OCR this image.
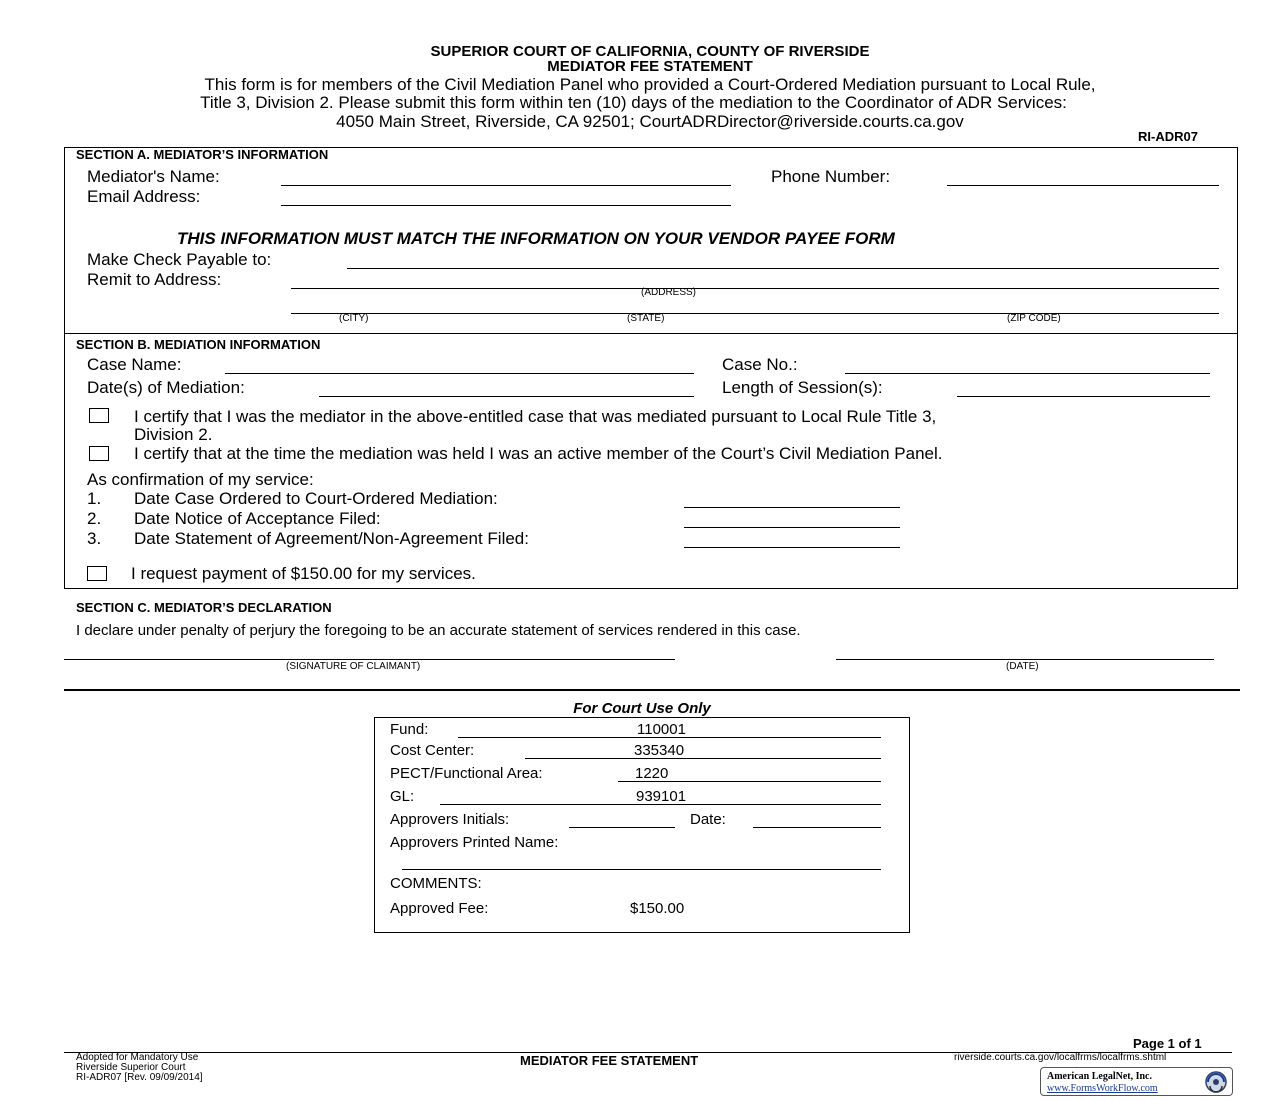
SUPERIOR COURT OF CALIFORNIA, COUNTY OF RIVERSIDE
MEDIATOR FEE STATEMENT
This form is for members of the Civil Mediation Panel who provided a Court-Ordered Mediation pursuant to Local Rule,
Title 3, Division 2. Please submit this form within ten (10) days of the mediation to the Coordinator of ADR Services:
4050 Main Street, Riverside, CA 92501; CourtADRDirector@riverside.courts.ca.gov
RI-ADR07
SECTION A. MEDIATOR’S INFORMATION
Mediator's Name:	Phone Number:
Email Address:
THIS INFORMATION MUST MATCH THE INFORMATION ON YOUR VENDOR PAYEE FORM
Make Check Payable to:
Remit to Address:
(ADDRESS)
(CITY)	(STATE)	(ZIP CODE)
SECTION B. MEDIATION INFORMATION
Case Name:	Case No.:
Date(s) of Mediation:	Length of Session(s):
I certify that I was the mediator in the above-entitled case that was mediated pursuant to Local Rule Title 3,
Division 2.
I certify that at the time the mediation was held I was an active member of the Court’s Civil Mediation Panel.
As confirmation of my service:
1. Date Case Ordered to Court-Ordered Mediation:
2. Date Notice of Acceptance Filed:
3. Date Statement of Agreement/Non-Agreement Filed:
I request payment of $150.00 for my services.
SECTION C. MEDIATOR’S DECLARATION
I declare under penalty of perjury the foregoing to be an accurate statement of services rendered in this case.
(SIGNATURE OF CLAIMANT)	(DATE)
For Court Use Only
Fund:	110001
Cost Center:	335340
PECT/Functional Area:	1220
GL:	939101
Approvers Initials:	Date:
Approvers Printed Name:
COMMENTS:
Approved Fee:	$150.00
Page 1 of 1
Adopted for Mandatory Use
Riverside Superior Court
RI-ADR07 [Rev. 09/09/2014]
MEDIATOR FEE STATEMENT	riverside.courts.ca.gov/localfrms/localfrms.shtml
American LegalNet, Inc.
www.FormsWorkFlow.com
